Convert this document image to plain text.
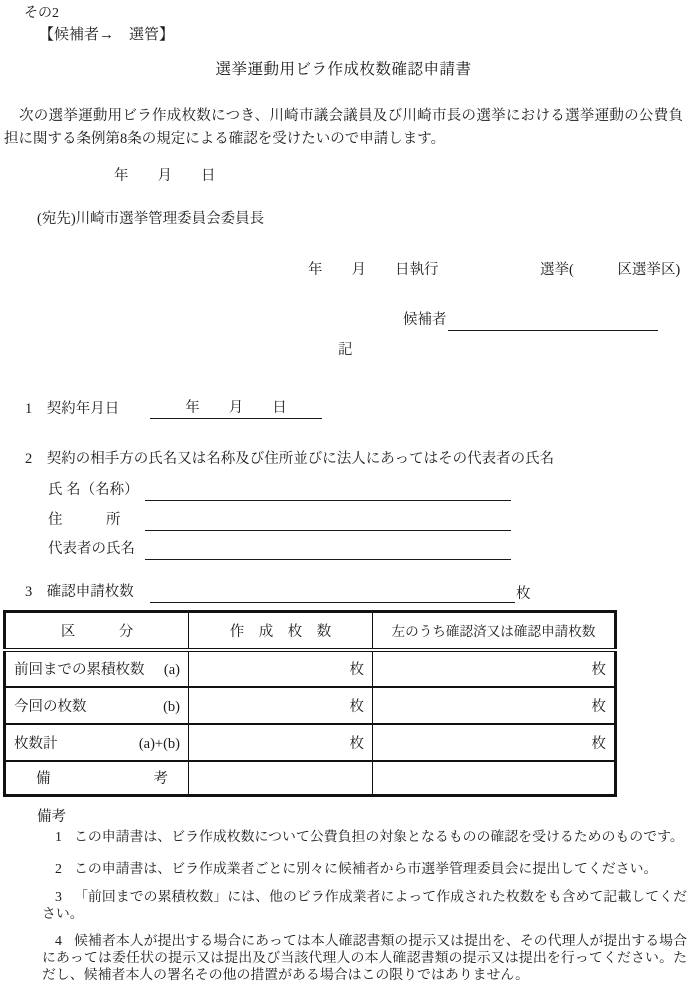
その2
【候補者→　選管】
選挙運動用ビラ作成枚数確認申請書
次の選挙運動用ビラ作成枚数につき、川崎市議会議員及び川崎市長の選挙における選挙運動の公費負担に関する条例第8条の規定による確認を受けたいので申請します。
年　　月　　日
(宛先)川崎市選挙管理委員会委員長
年　　月　　日執行	選挙(　　　区選挙区)
候補者
記
1　契約年月日	年　　月　　日
2　契約の相手方の氏名又は名称及び住所並びに法人にあってはその代表者の氏名
氏 名（名称）
住　　　所
代表者の氏名
3　確認申請枚数	枚
区　　　分	作　成　枚　数	左のうち確認済又は確認申請枚数

前回までの累積枚数 (a)	枚	枚

今回の枚数 (b)	枚	枚

枚数計 (a)+(b)	枚	枚

備 考		

備考
1 この申請書は、ビラ作成枚数について公費負担の対象となるものの確認を受けるためのものです。
2 この申請書は、ビラ作成業者ごとに別々に候補者から市選挙管理委員会に提出してください。
3 「前回までの累積枚数」には、他のビラ作成業者によって作成された枚数をも含めて記載してください。
4 候補者本人が提出する場合にあっては本人確認書類の提示又は提出を、その代理人が提出する場合にあっては委任状の提示又は提出及び当該代理人の本人確認書類の提示又は提出を行ってください。ただし、候補者本人の署名その他の措置がある場合はこの限りではありません。
